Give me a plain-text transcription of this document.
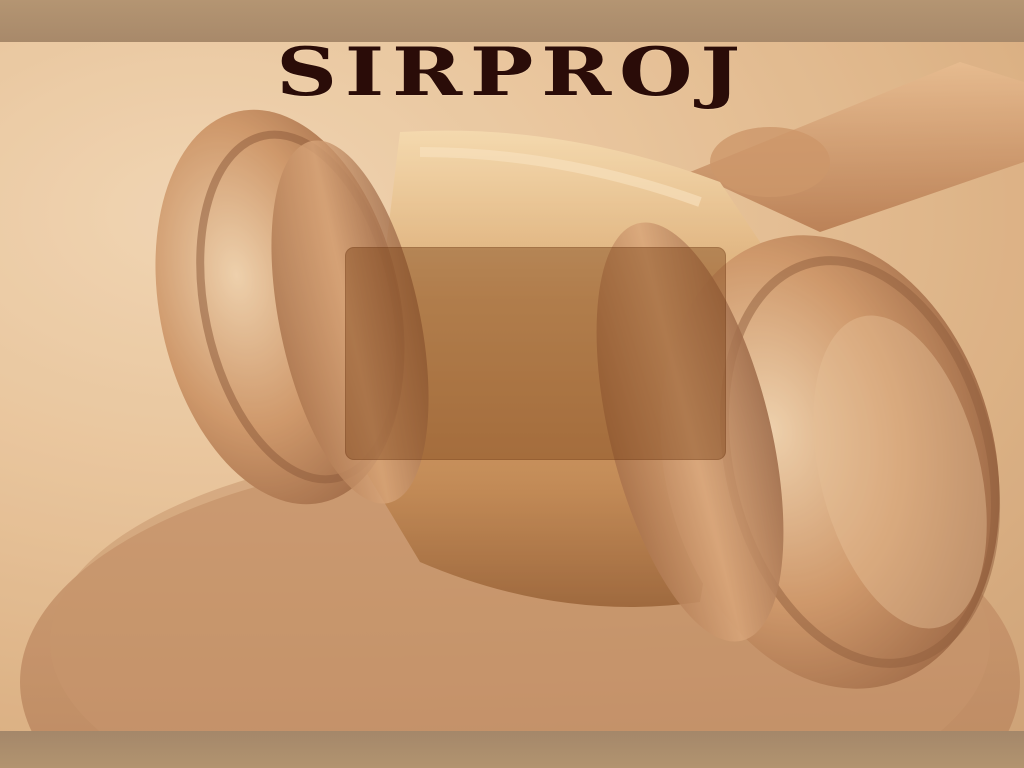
SIRPROJ
